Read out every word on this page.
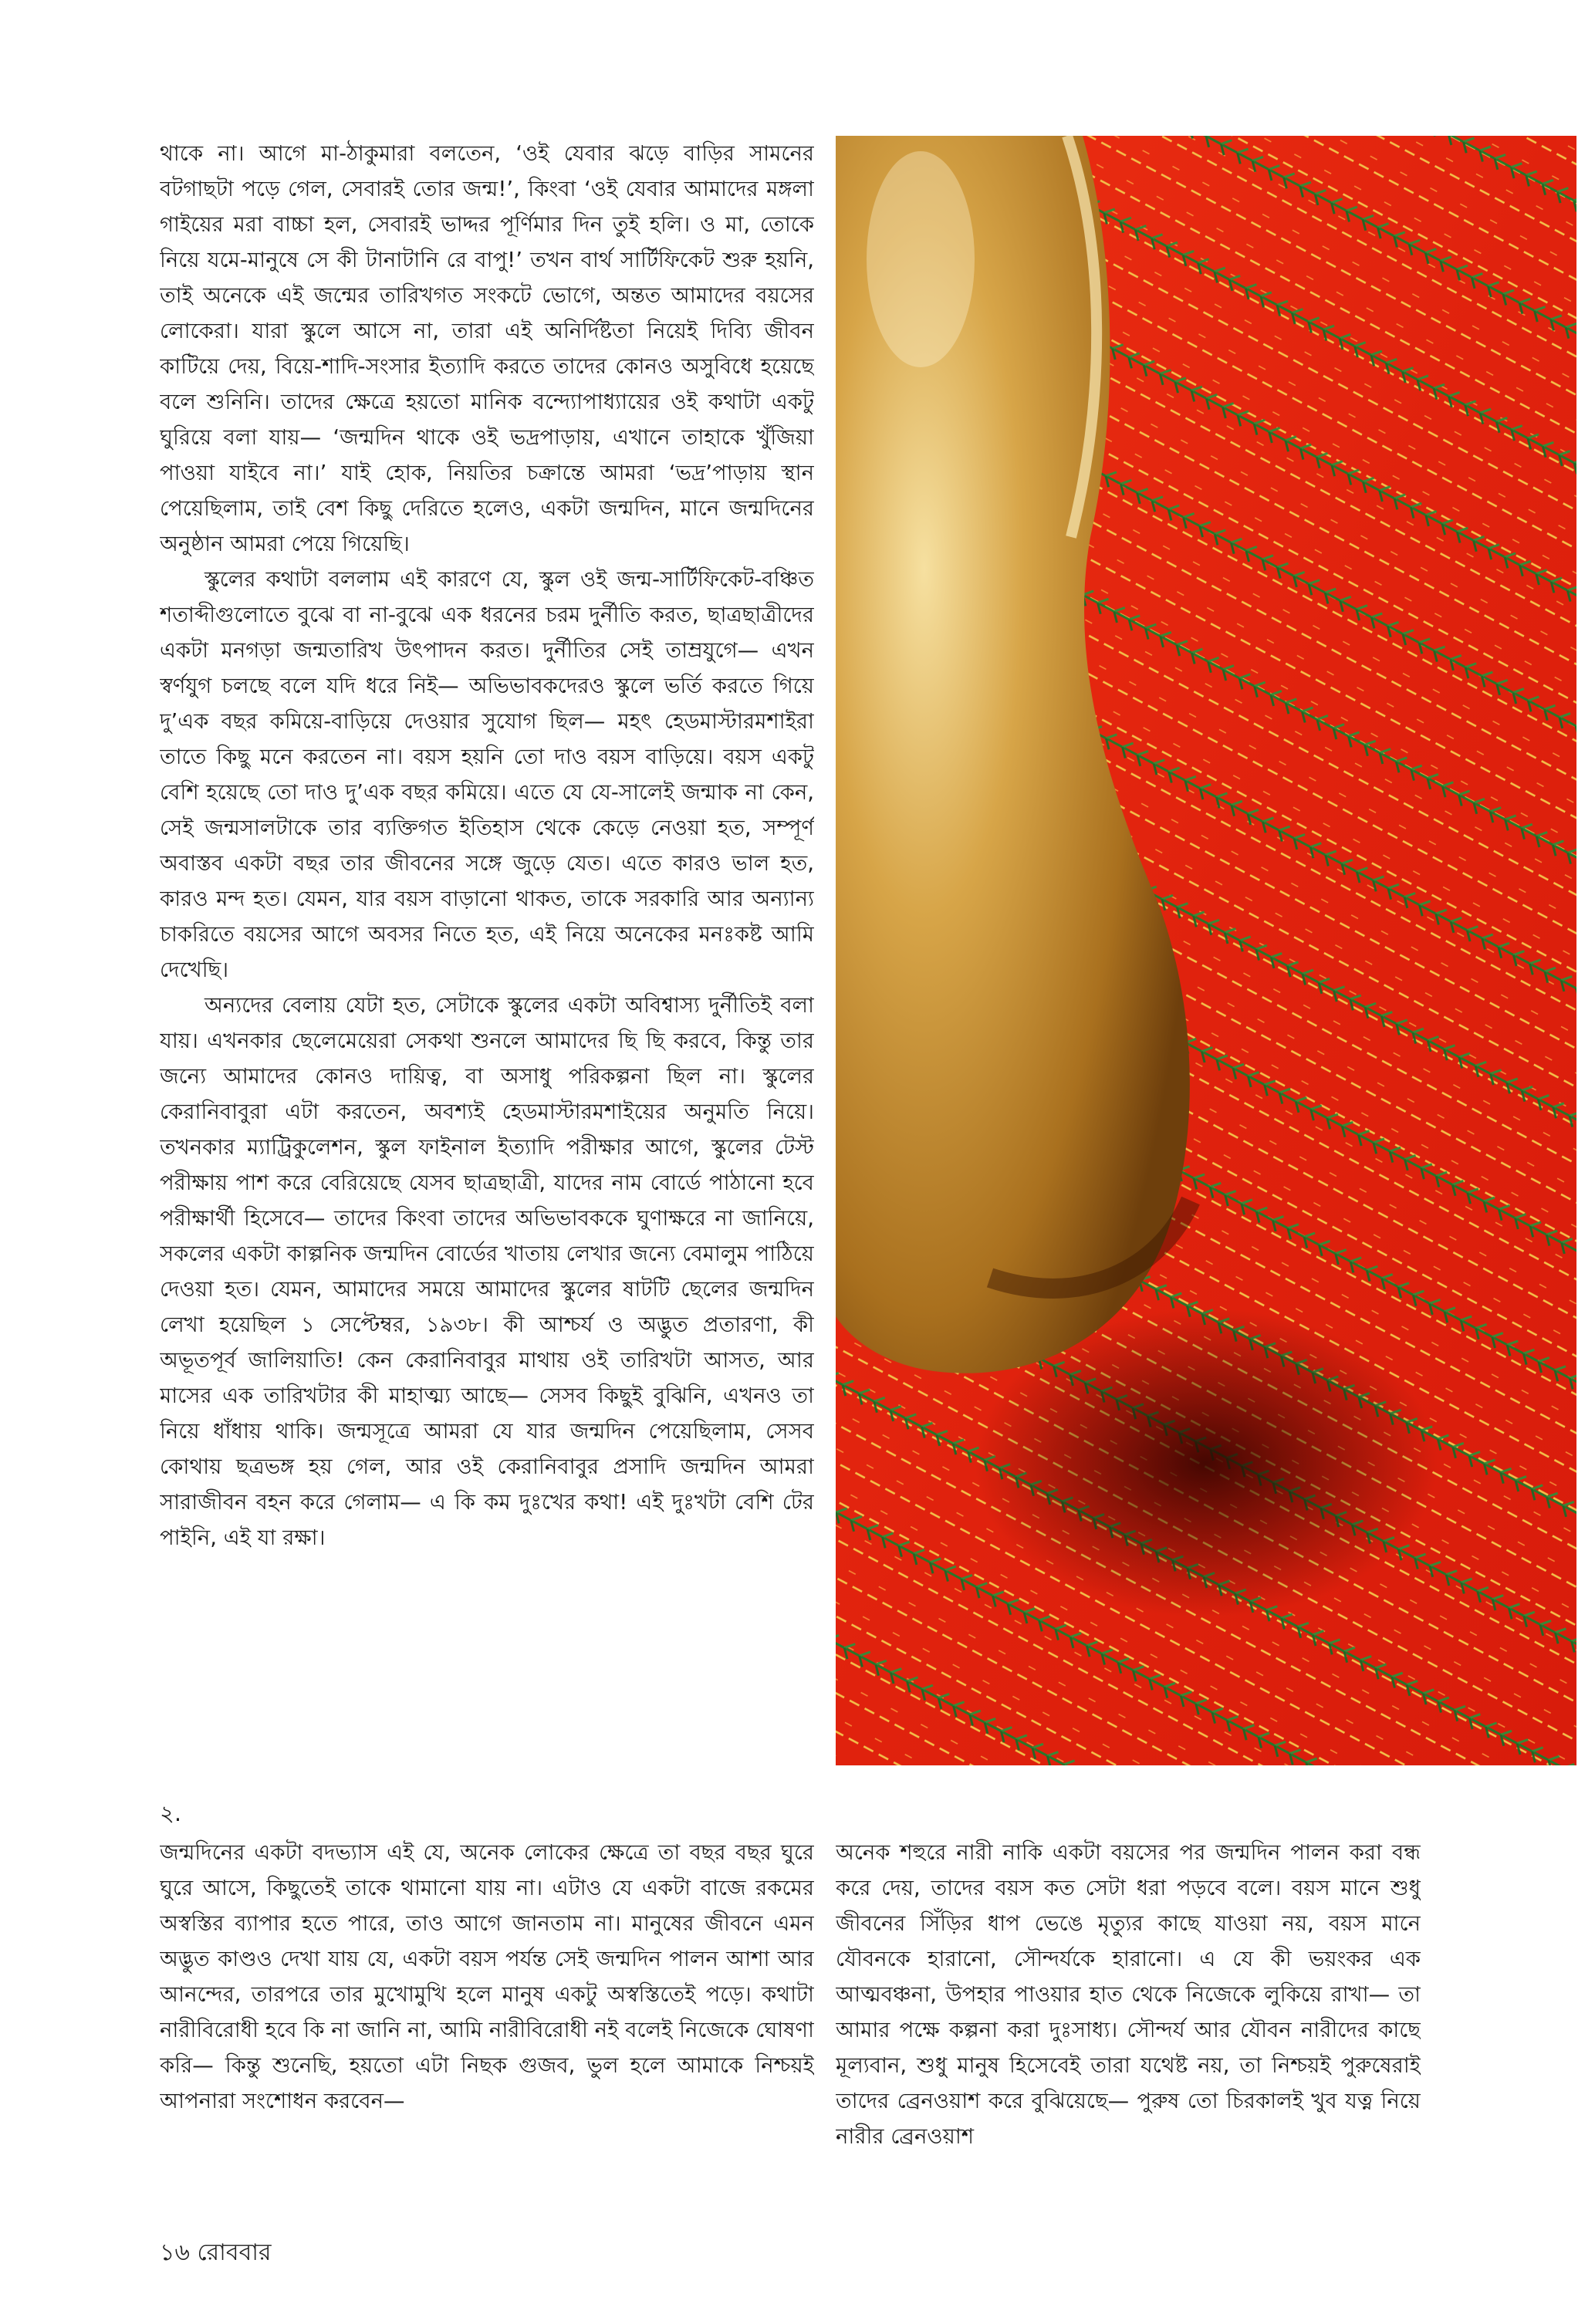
থাকে না। আগে মা-ঠাকুমারা বলতেন, ‘ওই যেবার ঝড়ে বাড়ির সামনের বটগাছটা পড়ে গেল, সেবারই তোর জন্ম!’, কিংবা ‘ওই যেবার আমাদের মঙ্গলা গাইয়ের মরা বাচ্চা হল, সেবারই ভাদ্দর পূর্ণিমার দিন তুই হলি। ও মা, তোকে নিয়ে যমে-মানুষে সে কী টানাটানি রে বাপু!’ তখন বার্থ সার্টিফিকেট শুরু হয়নি, তাই অনেকে এই জন্মের তারিখগত সংকটে ভোগে, অন্তত আমাদের বয়সের লোকেরা। যারা স্কুলে আসে না, তারা এই অনির্দিষ্টতা নিয়েই দিব্যি জীবন কাটিয়ে দেয়, বিয়ে-শাদি-সংসার ইত্যাদি করতে তাদের কোনও অসুবিধে হয়েছে বলে শুনিনি। তাদের ক্ষেত্রে হয়তো মানিক বন্দ্যোপাধ্যায়ের ওই কথাটা একটু ঘুরিয়ে বলা যায়— ‘জন্মদিন থাকে ওই ভদ্রপাড়ায়, এখানে তাহাকে খুঁজিয়া পাওয়া যাইবে না।’ যাই হোক, নিয়তির চক্রান্তে আমরা ‘ভদ্র’পাড়ায় স্থান পেয়েছিলাম, তাই বেশ কিছু দেরিতে হলেও, একটা জন্মদিন, মানে জন্মদিনের অনুষ্ঠান আমরা পেয়ে গিয়েছি।

স্কুলের কথাটা বললাম এই কারণে যে, স্কুল ওই জন্ম-সার্টিফিকেট-বঞ্চিত শতাব্দীগুলোতে বুঝে বা না-বুঝে এক ধরনের চরম দুর্নীতি করত, ছাত্রছাত্রীদের একটা মনগড়া জন্মতারিখ উৎপাদন করত। দুর্নীতির সেই তাম্রযুগে— এখন স্বর্ণযুগ চলছে বলে যদি ধরে নিই— অভিভাবকদেরও স্কুলে ভর্তি করতে গিয়ে দু’এক বছর কমিয়ে-বাড়িয়ে দেওয়ার সুযোগ ছিল— মহৎ হেডমাস্টারমশাইরা তাতে কিছু মনে করতেন না। বয়স হয়নি তো দাও বয়স বাড়িয়ে। বয়স একটু বেশি হয়েছে তো দাও দু’এক বছর কমিয়ে। এতে যে যে-সালেই জন্মাক না কেন, সেই জন্মসালটাকে তার ব্যক্তিগত ইতিহাস থেকে কেড়ে নেওয়া হত, সম্পূর্ণ অবাস্তব একটা বছর তার জীবনের সঙ্গে জুড়ে যেত। এতে কারও ভাল হত, কারও মন্দ হত। যেমন, যার বয়স বাড়ানো থাকত, তাকে সরকারি আর অন্যান্য চাকরিতে বয়সের আগে অবসর নিতে হত, এই নিয়ে অনেকের মনঃকষ্ট আমি দেখেছি।

অন্যদের বেলায় যেটা হত, সেটাকে স্কুলের একটা অবিশ্বাস্য দুর্নীতিই বলা যায়। এখনকার ছেলেমেয়েরা সেকথা শুনলে আমাদের ছি ছি করবে, কিন্তু তার জন্যে আমাদের কোনও দায়িত্ব, বা অসাধু পরিকল্পনা ছিল না। স্কুলের কেরানিবাবুরা এটা করতেন, অবশ্যই হেডমাস্টারমশাইয়ের অনুমতি নিয়ে। তখনকার ম্যাট্রিকুলেশন, স্কুল ফাইনাল ইত্যাদি পরীক্ষার আগে, স্কুলের টেস্ট পরীক্ষায় পাশ করে বেরিয়েছে যেসব ছাত্রছাত্রী, যাদের নাম বোর্ডে পাঠানো হবে পরীক্ষার্থী হিসেবে— তাদের কিংবা তাদের অভিভাবককে ঘুণাক্ষরে না জানিয়ে, সকলের একটা কাল্পনিক জন্মদিন বোর্ডের খাতায় লেখার জন্যে বেমালুম পাঠিয়ে দেওয়া হত। যেমন, আমাদের সময়ে আমাদের স্কুলের ষাটটি ছেলের জন্মদিন লেখা হয়েছিল ১ সেপ্টেম্বর, ১৯৩৮। কী আশ্চর্য ও অদ্ভুত প্রতারণা, কী অভূতপূর্ব জালিয়াতি! কেন কেরানিবাবুর মাথায় ওই তারিখটা আসত, আর মাসের এক তারিখটার কী মাহাত্ম্য আছে— সেসব কিছুই বুঝিনি, এখনও তা নিয়ে ধাঁধায় থাকি। জন্মসূত্রে আমরা যে যার জন্মদিন পেয়েছিলাম, সেসব কোথায় ছত্রভঙ্গ হয় গেল, আর ওই কেরানিবাবুর প্রসাদি জন্মদিন আমরা সারাজীবন বহন করে গেলাম— এ কি কম দুঃখের কথা! এই দুঃখটা বেশি টের পাইনি, এই যা রক্ষা।

২.

জন্মদিনের একটা বদভ্যাস এই যে, অনেক লোকের ক্ষেত্রে তা বছর বছর ঘুরে ঘুরে আসে, কিছুতেই তাকে থামানো যায় না। এটাও যে একটা বাজে রকমের অস্বস্তির ব্যাপার হতে পারে, তাও আগে জানতাম না। মানুষের জীবনে এমন অদ্ভুত কাণ্ডও দেখা যায় যে, একটা বয়স পর্যন্ত সেই জন্মদিন পালন আশা আর আনন্দের, তারপরে তার মুখোমুখি হলে মানুষ একটু অস্বস্তিতেই পড়ে। কথাটা নারীবিরোধী হবে কি না জানি না, আমি নারীবিরোধী নই বলেই নিজেকে ঘোষণা করি— কিন্তু শুনেছি, হয়তো এটা নিছক গুজব, ভুল হলে আমাকে নিশ্চয়ই আপনারা সংশোধন করবেন—

অনেক শহুরে নারী নাকি একটা বয়সের পর জন্মদিন পালন করা বন্ধ করে দেয়, তাদের বয়স কত সেটা ধরা পড়বে বলে। বয়স মানে শুধু জীবনের সিঁড়ির ধাপ ভেঙে মৃত্যুর কাছে যাওয়া নয়, বয়স মানে যৌবনকে হারানো, সৌন্দর্যকে হারানো। এ যে কী ভয়ংকর এক আত্মবঞ্চনা, উপহার পাওয়ার হাত থেকে নিজেকে লুকিয়ে রাখা— তা আমার পক্ষে কল্পনা করা দুঃসাধ্য। সৌন্দর্য আর যৌবন নারীদের কাছে মূল্যবান, শুধু মানুষ হিসেবেই তারা যথেষ্ট নয়, তা নিশ্চয়ই পুরুষেরাই তাদের ব্রেনওয়াশ করে বুঝিয়েছে— পুরুষ তো চিরকালই খুব যত্ন নিয়ে নারীর ব্রেনওয়াশ

১৬ রোববার
